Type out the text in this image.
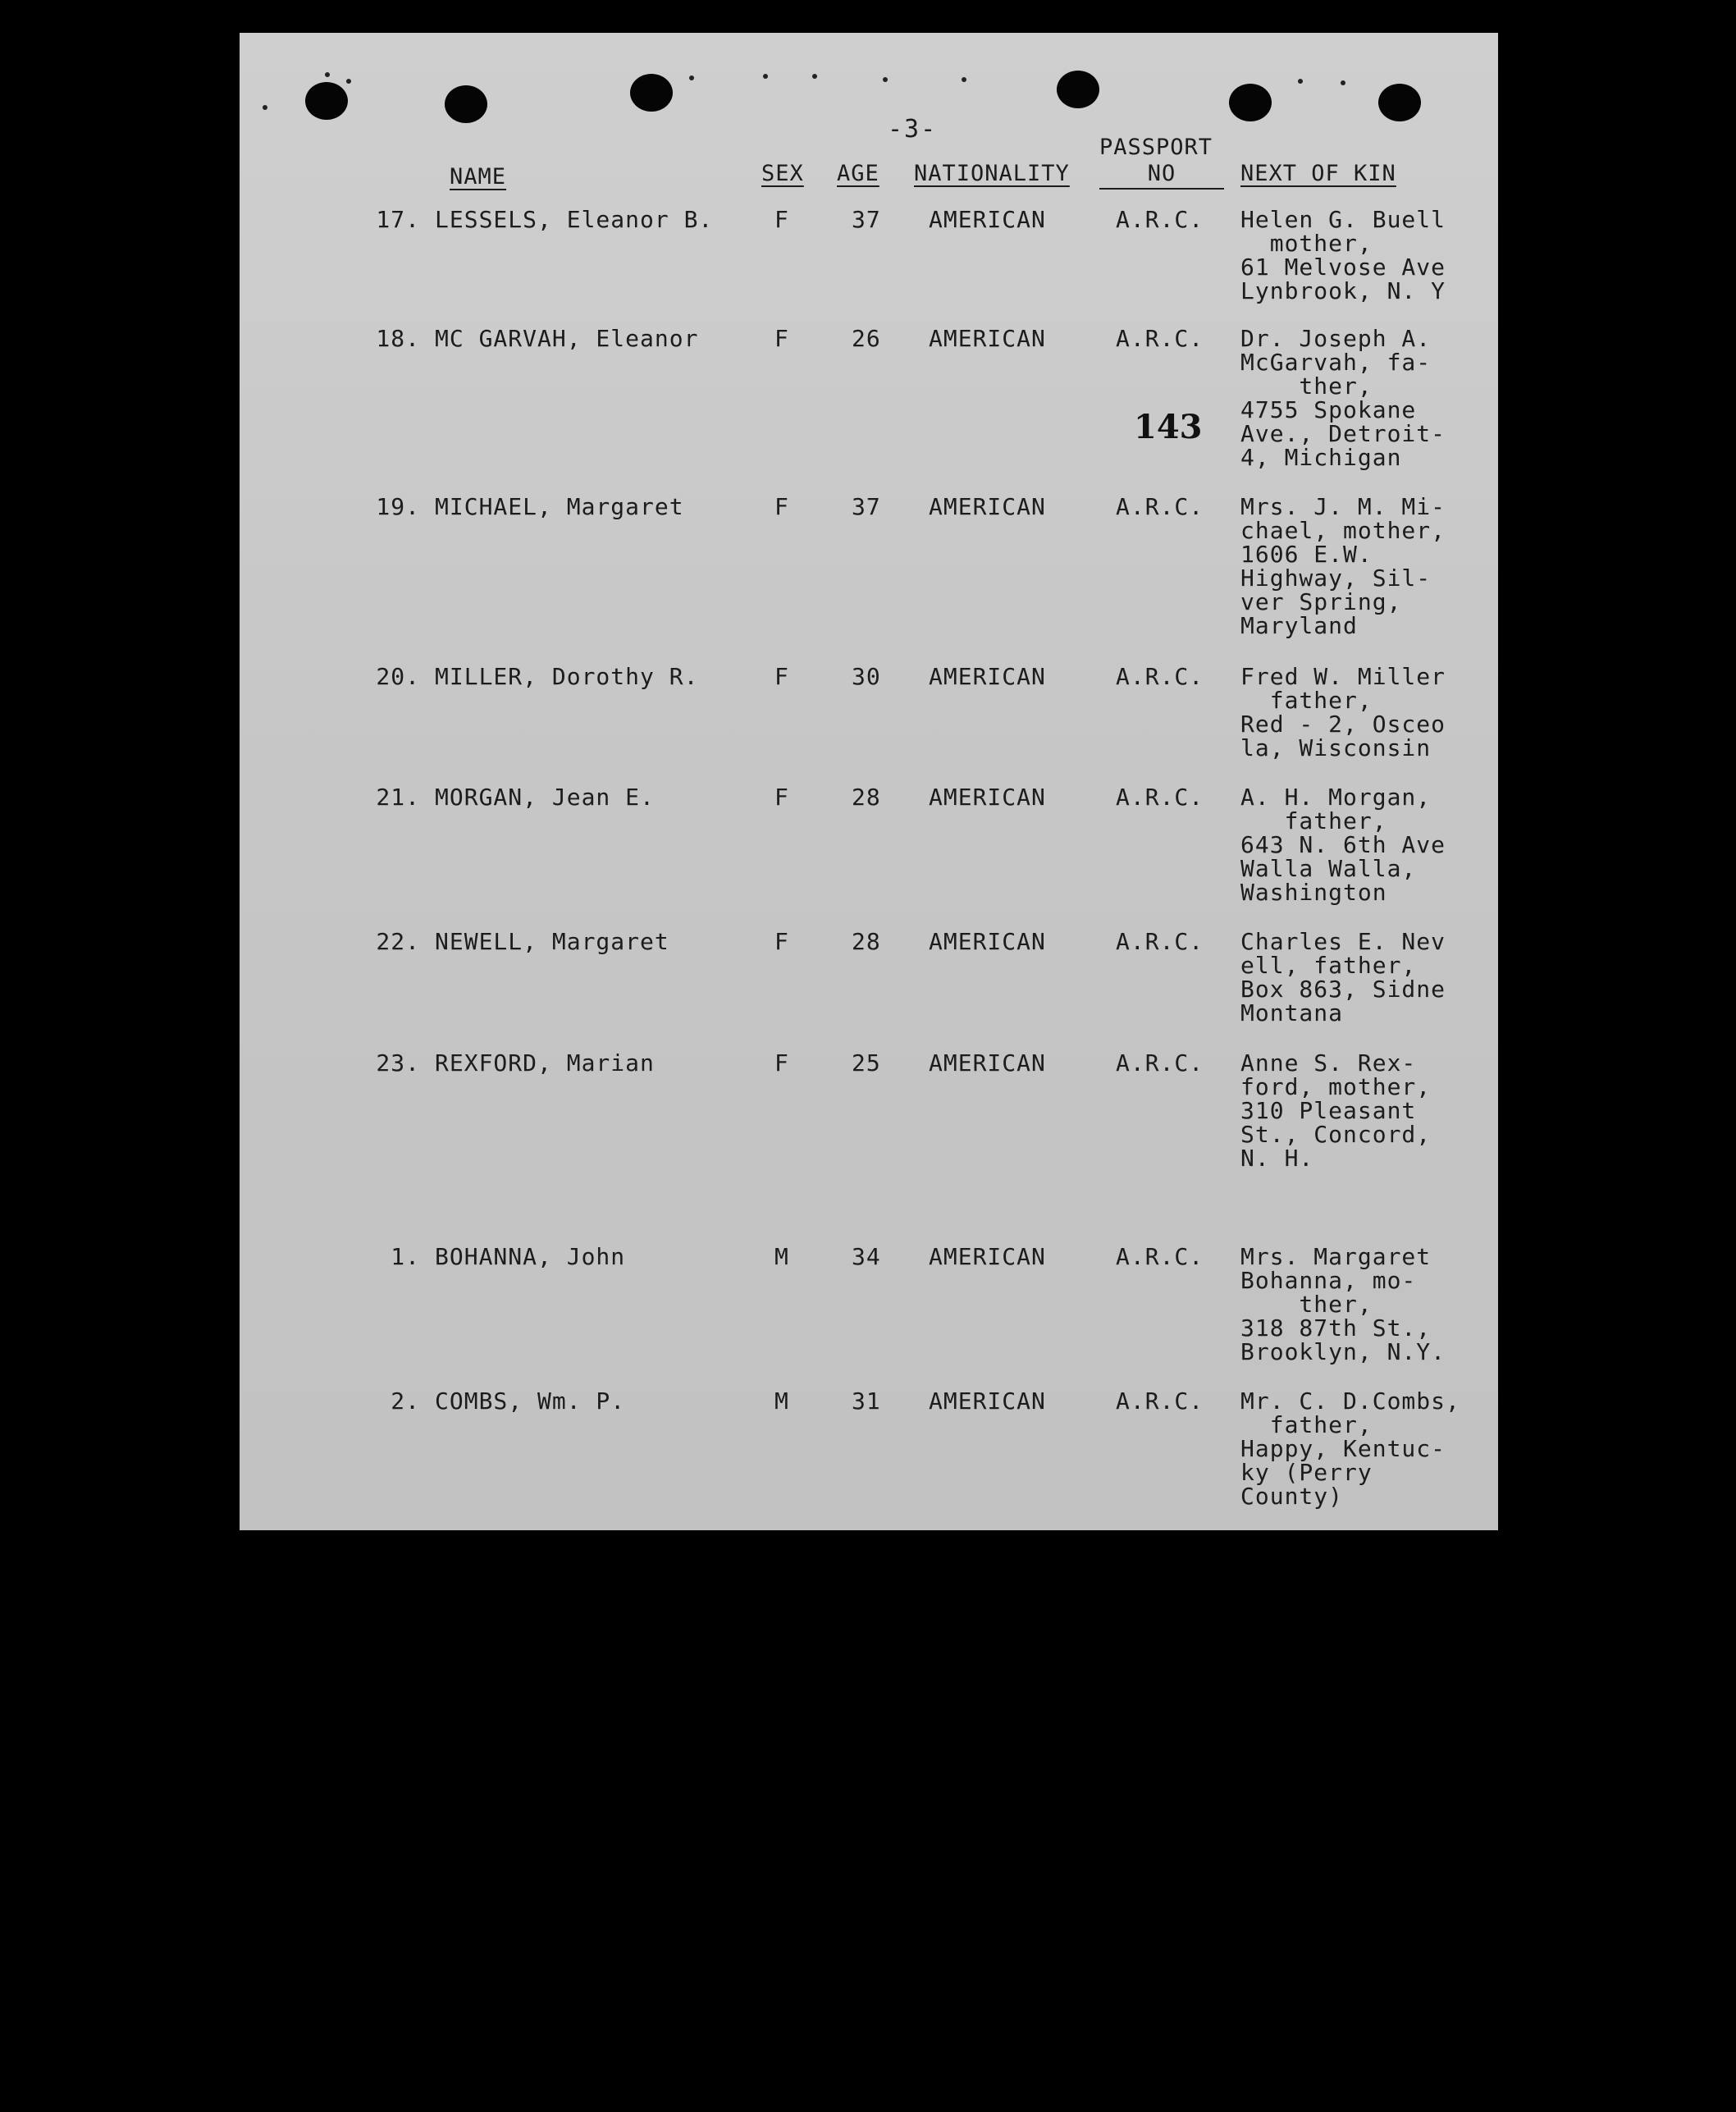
-3-
NAME	SEX AGE NATIONALITY
PASSPORT
NO	NEXT OF KIN
143
17. LESSELS, Eleanor B.	F	37 AMERICAN	A.R.C. Helen G. Buell
mother,
61 Melvose Ave
Lynbrook, N. Y
18. MC GARVAH, Eleanor	F	26 AMERICAN	A.R.C. Dr. Joseph A.
McGarvah, fa-
ther,
4755 Spokane
Ave., Detroit-
4, Michigan
19. MICHAEL, Margaret	F	37 AMERICAN	A.R.C. Mrs. J. M. Mi-
chael, mother,
1606 E.W.
Highway, Sil-
ver Spring,
Maryland
20. MILLER, Dorothy R.	F	30 AMERICAN	A.R.C. Fred W. Miller
father,
Red - 2, Osceo
la, Wisconsin
21. MORGAN, Jean E.	F	28 AMERICAN	A.R.C. A. H. Morgan,
father,
643 N. 6th Ave
Walla Walla,
Washington
22. NEWELL, Margaret	F	28 AMERICAN	A.R.C. Charles E. Nev
ell, father,
Box 863, Sidne
Montana
23. REXFORD, Marian	F	25 AMERICAN	A.R.C. Anne S. Rex-
ford, mother,
310 Pleasant
St., Concord,
N. H.
1. BOHANNA, John	M	34 AMERICAN	A.R.C. Mrs. Margaret
Bohanna, mo-
ther,
318 87th St.,
Brooklyn, N.Y.
2. COMBS, Wm. P.	M	31 AMERICAN	A.R.C. Mr. C. D.Combs,
father,
Happy, Kentuc-
ky (Perry
County)
